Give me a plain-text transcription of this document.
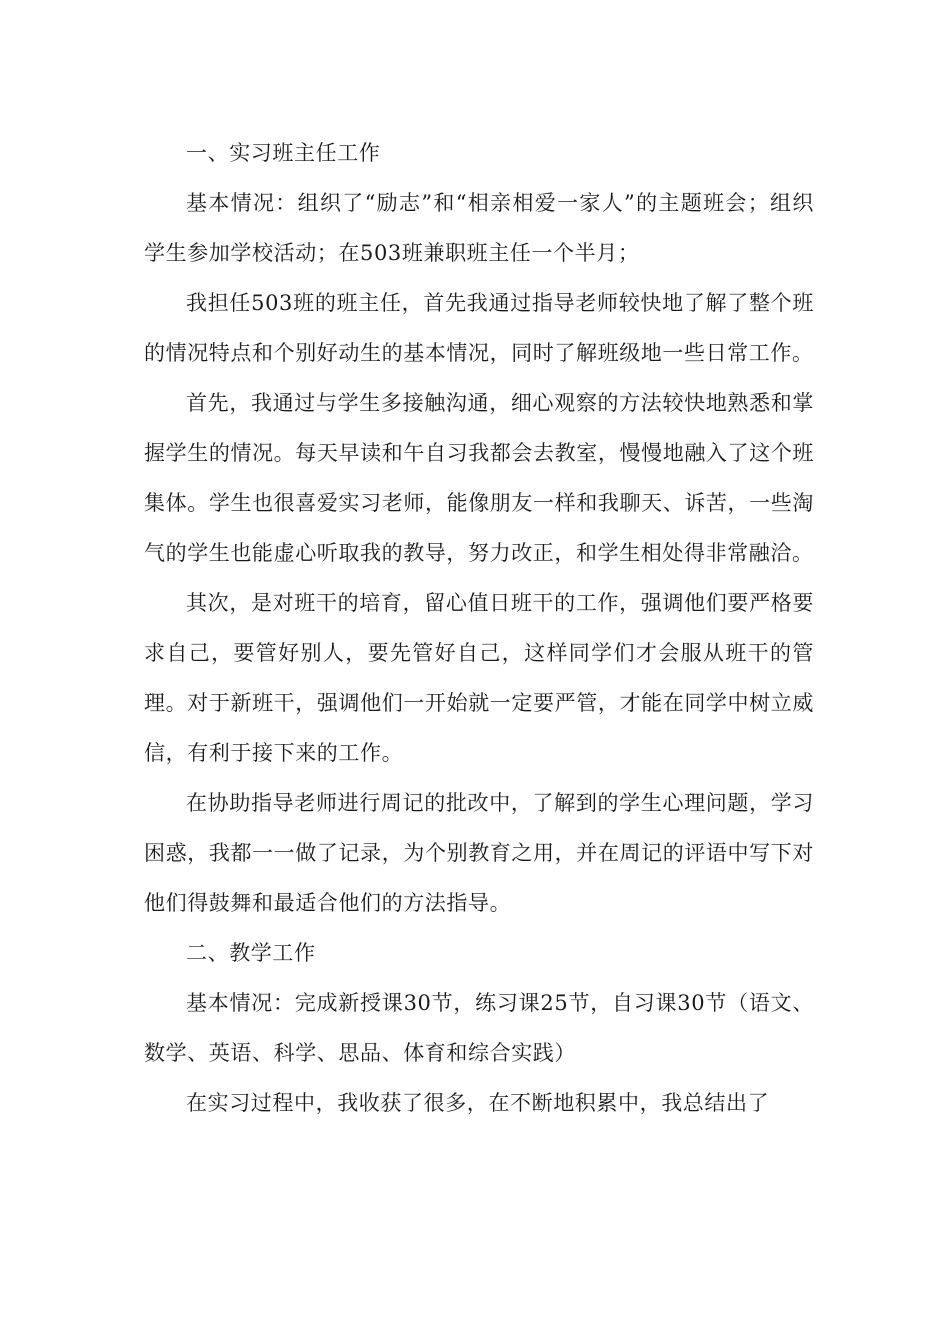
一、实习班主任工作

基本情况：组织了“励志”和“相亲相爱一家人”的主题班会；组织学生参加学校活动；在503班兼职班主任一个半月；

我担任503班的班主任，首先我通过指导老师较快地了解了整个班的情况特点和个别好动生的基本情况，同时了解班级地一些日常工作。

首先，我通过与学生多接触沟通，细心观察的方法较快地熟悉和掌握学生的情况。每天早读和午自习我都会去教室，慢慢地融入了这个班集体。学生也很喜爱实习老师，能像朋友一样和我聊天、诉苦，一些淘气的学生也能虚心听取我的教导，努力改正，和学生相处得非常融洽。

其次，是对班干的培育，留心值日班干的工作，强调他们要严格要求自己，要管好别人，要先管好自己，这样同学们才会服从班干的管理。对于新班干，强调他们一开始就一定要严管，才能在同学中树立威信，有利于接下来的工作。

在协助指导老师进行周记的批改中，了解到的学生心理问题，学习困惑，我都一一做了记录，为个别教育之用，并在周记的评语中写下对他们得鼓舞和最适合他们的方法指导。

二、教学工作

基本情况：完成新授课30节，练习课25节，自习课30节（语文、数学、英语、科学、思品、体育和综合实践）

在实习过程中，我收获了很多，在不断地积累中，我总结出了
